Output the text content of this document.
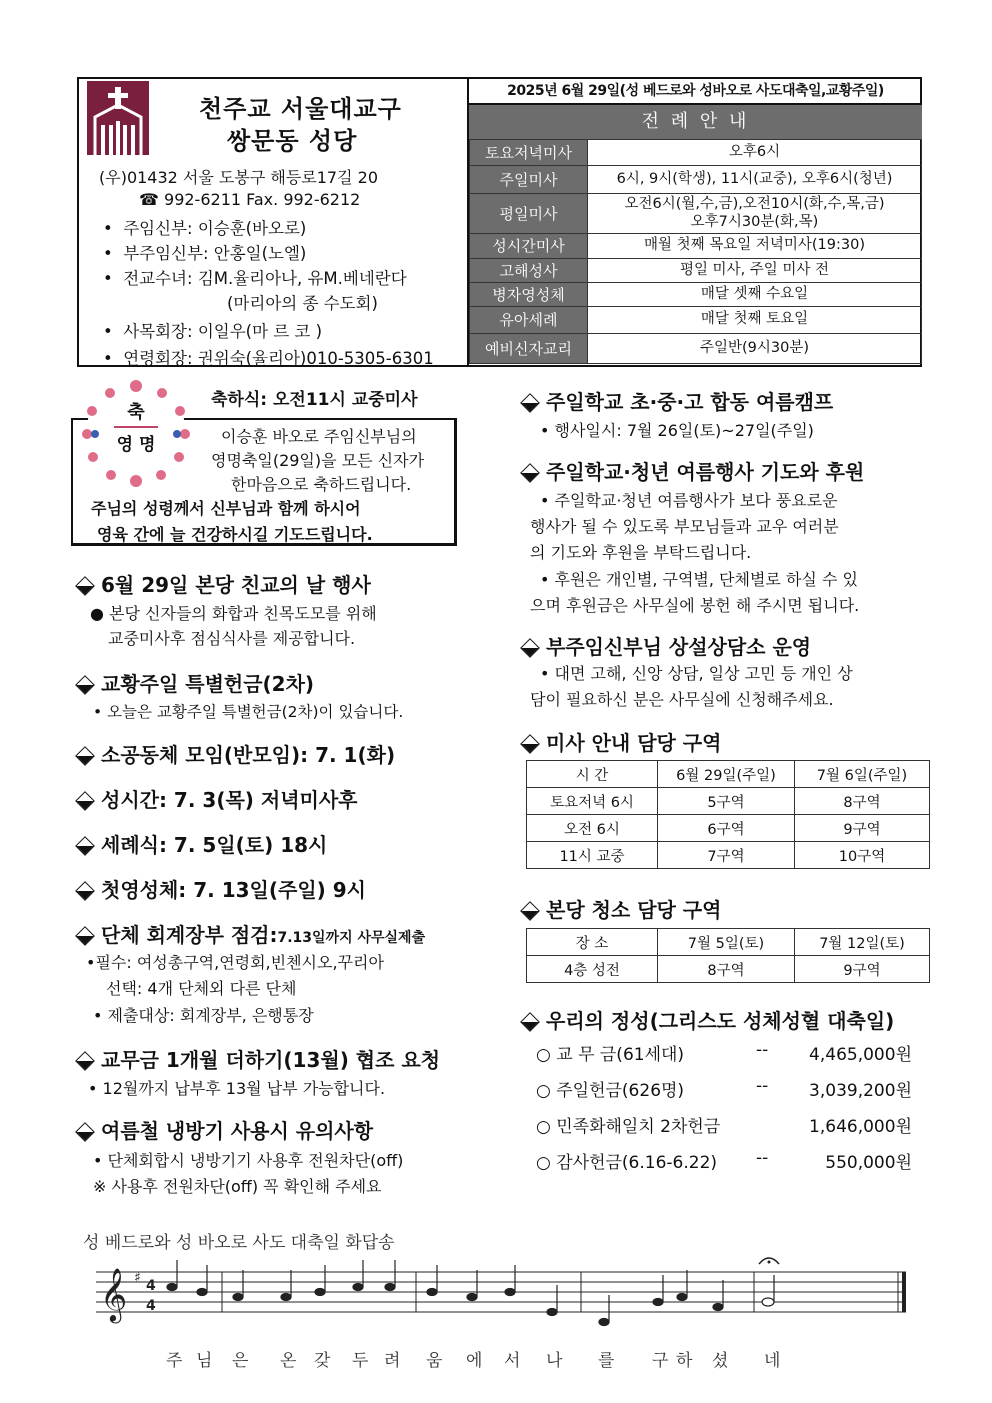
천주교 서울대교구
쌍문동 성당
(우)01432 서울 도봉구 해등로17길 20
☎ 992-6211 Fax. 992-6212
•  주임신부: 이승훈(바오로)
•  부주임신부: 안홍일(노엘)
•  전교수녀: 김M.율리아나, 유M.베네란다
(마리아의 종 수도회)
•  사목회장: 이일우(마 르 코 )
•  연령회장: 권위숙(율리아)010-5305-6301
2025년 6월 29일(성 베드로와 성바오로 사도대축일,교황주일)
전 례 안 내
토요저녁미사	오후6시
주일미사	6시, 9시(학생), 11시(교중), 오후6시(청년)
평일미사	오전6시(월,수,금),오전10시(화,수,목,금)
오후7시30분(화,목)

성시간미사	매월 첫째 목요일 저녁미사(19:30)
고해성사	평일 미사, 주일 미사 전
병자영성체	매달 셋째 수요일
유아세례	매달 첫째 토요일
예비신자교리	주일반(9시30분)
축
영 명
축하식: 오전11시 교중미사
이승훈 바오로 주임신부님의
영명축일(29일)을 모든 신자가
한마음으로 축하드립니다.
주님의 성령께서 신부님과 함께 하시어
영육 간에 늘 건강하시길 기도드립니다.
6월 29일 본당 친교의 날 행사
● 본당 신자들의 화합과 친목도모를 위해
교중미사후 점심식사를 제공합니다.
교황주일 특별헌금(2차)
• 오늘은 교황주일 특별헌금(2차)이 있습니다.
소공동체 모임(반모임): 7. 1(화)
성시간: 7. 3(목) 저녁미사후
세례식: 7. 5일(토) 18시
첫영성체: 7. 13일(주일) 9시
단체 회계장부 점검:7.13일까지 사무실제출
•필수: 여성총구역,연령회,빈첸시오,꾸리아
선택: 4개 단체외 다른 단체
• 제출대상: 회계장부, 은행통장
교무금 1개월 더하기(13월) 협조 요청
• 12월까지 납부후 13월 납부 가능합니다.
여름철 냉방기 사용시 유의사항
• 단체회합시 냉방기기 사용후 전원차단(off)
※ 사용후 전원차단(off) 꼭 확인해 주세요
주일학교 초·중·고 합동 여름캠프
• 행사일시: 7월 26일(토)~27일(주일)
주일학교·청년 여름행사 기도와 후원
• 주일학교·청년 여름행사가 보다 풍요로운
행사가 될 수 있도록 부모님들과 교우 여러분
의 기도와 후원을 부탁드립니다.
• 후원은 개인별, 구역별, 단체별로 하실 수 있
으며 후원금은 사무실에 봉헌 해 주시면 됩니다.
부주임신부님 상설상담소 운영
• 대면 고해, 신앙 상담, 일상 고민 등 개인 상
담이 필요하신 분은 사무실에 신청해주세요.
미사 안내 담당 구역
시 간	6월 29일(주일)	7월 6일(주일)
토요저녁 6시	5구역	8구역
오전 6시	6구역	9구역
11시 교중	7구역	10구역
본당 청소 담당 구역
장 소	7월 5일(토)	7월 12일(토)
4층 성전	8구역	9구역
우리의 정성(그리스도 성체성혈 대축일)
○ 교 무 금(61세대)	-- 4,465,000원
○ 주일헌금(626명)	-- 3,039,200원
○ 민족화해일치 2차헌금	1,646,000원
○ 감사헌금(6.16-6.22) --	550,000원
성 베드로와 성 바오로 사도 대축일 화답송
𝄞 ♯ 4
4
주 님 은 온 갖 두 려 움 에 서 나 를 구 하 셨 네
